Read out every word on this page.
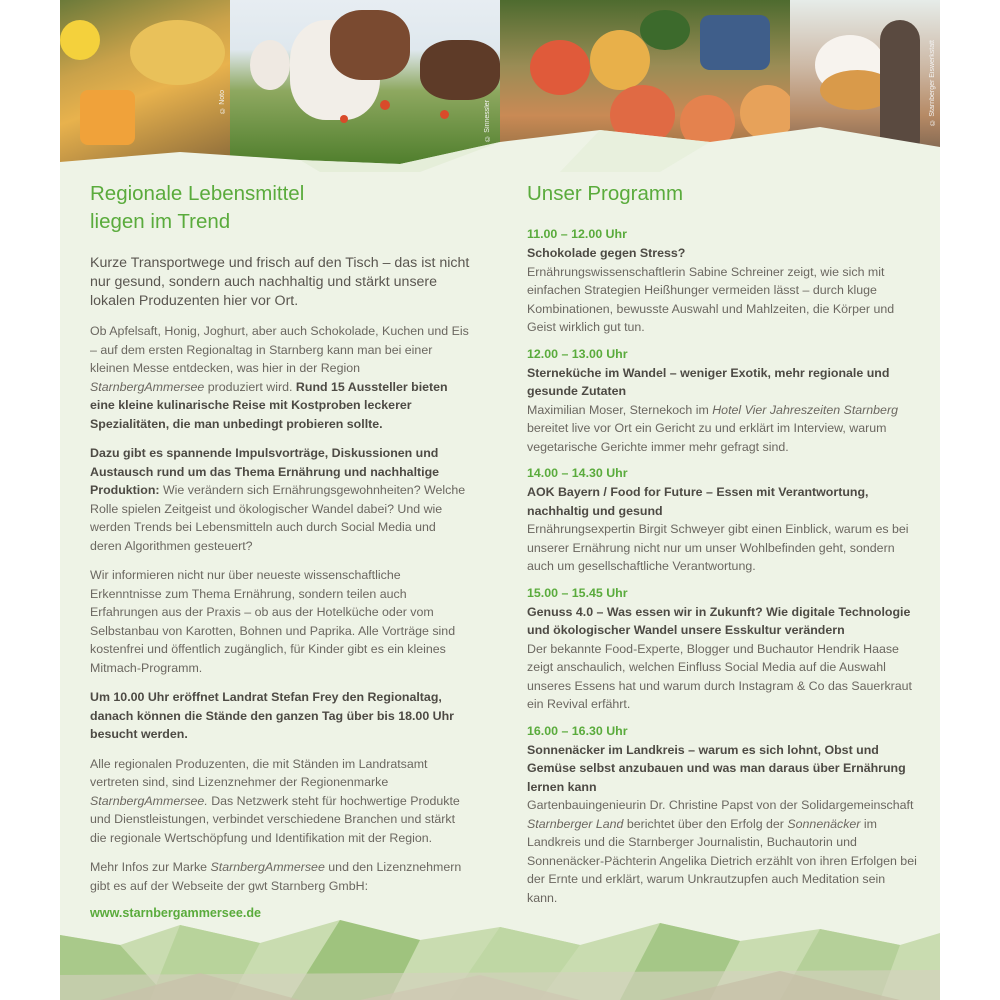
© Noto	© Sinnessler	© Starnberger Eiswerkstatt
Regionale Lebensmittel
liegen im Trend

Kurze Transportwege und frisch auf den Tisch – das ist nicht nur gesund, sondern auch nachhaltig und stärkt unsere lokalen Produzenten hier vor Ort.

Ob Apfelsaft, Honig, Joghurt, aber auch Schokolade, Kuchen und Eis – auf dem ersten Regionaltag in Starnberg kann man bei einer kleinen Messe entdecken, was hier in der Region StarnbergAmmersee produziert wird. Rund 15 Aussteller bieten eine kleine kulinarische Reise mit Kostproben leckerer Spezialitäten, die man unbedingt probieren sollte.

Dazu gibt es spannende Impulsvorträge, Diskussionen und Austausch rund um das Thema Ernährung und nachhaltige Produktion: Wie verändern sich Ernährungsgewohnheiten? Welche Rolle spielen Zeitgeist und ökologischer Wandel dabei? Und wie werden Trends bei Lebensmitteln auch durch Social Media und deren Algorithmen gesteuert?

Wir informieren nicht nur über neueste wissenschaftliche Erkenntnisse zum Thema Ernährung, sondern teilen auch Erfahrungen aus der Praxis – ob aus der Hotelküche oder vom Selbstanbau von Karotten, Bohnen und Paprika. Alle Vorträge sind kostenfrei und öffentlich zugänglich, für Kinder gibt es ein kleines Mitmach-Programm.

Um 10.00 Uhr eröffnet Landrat Stefan Frey den Regionaltag, danach können die Stände den ganzen Tag über bis 18.00 Uhr besucht werden.

Alle regionalen Produzenten, die mit Ständen im Landratsamt vertreten sind, sind Lizenznehmer der Regionenmarke StarnbergAmmersee. Das Netzwerk steht für hochwertige Produkte und Dienstleistungen, verbindet verschiedene Branchen und stärkt die regionale Wertschöpfung und Identifikation mit der Region.

Mehr Infos zur Marke StarnbergAmmersee und den Lizenznehmern gibt es auf der Webseite der gwt Starnberg GmbH:

www.starnbergammersee.de
Unser Programm
11.00 – 12.00 Uhr
Schokolade gegen Stress?
Ernährungswissenschaftlerin Sabine Schreiner zeigt, wie sich mit einfachen Strategien Heißhunger vermeiden lässt – durch kluge Kombinationen, bewusste Auswahl und Mahlzeiten, die Körper und Geist wirklich gut tun.
12.00 – 13.00 Uhr
Sterneküche im Wandel – weniger Exotik, mehr regionale und gesunde Zutaten
Maximilian Moser, Sternekoch im Hotel Vier Jahreszeiten Starnberg bereitet live vor Ort ein Gericht zu und erklärt im Interview, warum vegetarische Gerichte immer mehr gefragt sind.
14.00 – 14.30 Uhr
AOK Bayern / Food for Future – Essen mit Verantwortung, nachhaltig und gesund
Ernährungsexpertin Birgit Schweyer gibt einen Einblick, warum es bei unserer Ernährung nicht nur um unser Wohlbefinden geht, sondern auch um gesellschaftliche Verantwortung.
15.00 – 15.45 Uhr
Genuss 4.0 – Was essen wir in Zukunft? Wie digitale Technologie und ökologischer Wandel unsere Esskultur verändern
Der bekannte Food-Experte, Blogger und Buchautor Hendrik Haase zeigt anschaulich, welchen Einfluss Social Media auf die Auswahl unseres Essens hat und warum durch Instagram & Co das Sauerkraut ein Revival erfährt.
16.00 – 16.30 Uhr
Sonnenäcker im Landkreis – warum es sich lohnt, Obst und Gemüse selbst anzubauen und was man daraus über Ernährung lernen kann
Gartenbauingenieurin Dr. Christine Papst von der Solidargemeinschaft Starnberger Land berichtet über den Erfolg der Sonnenäcker im Landkreis und die Starnberger Journalistin, Buchautorin und Sonnenäcker-Pächterin Angelika Dietrich erzählt von ihren Erfolgen bei der Ernte und erklärt, warum Unkrautzupfen auch Meditation sein kann.
